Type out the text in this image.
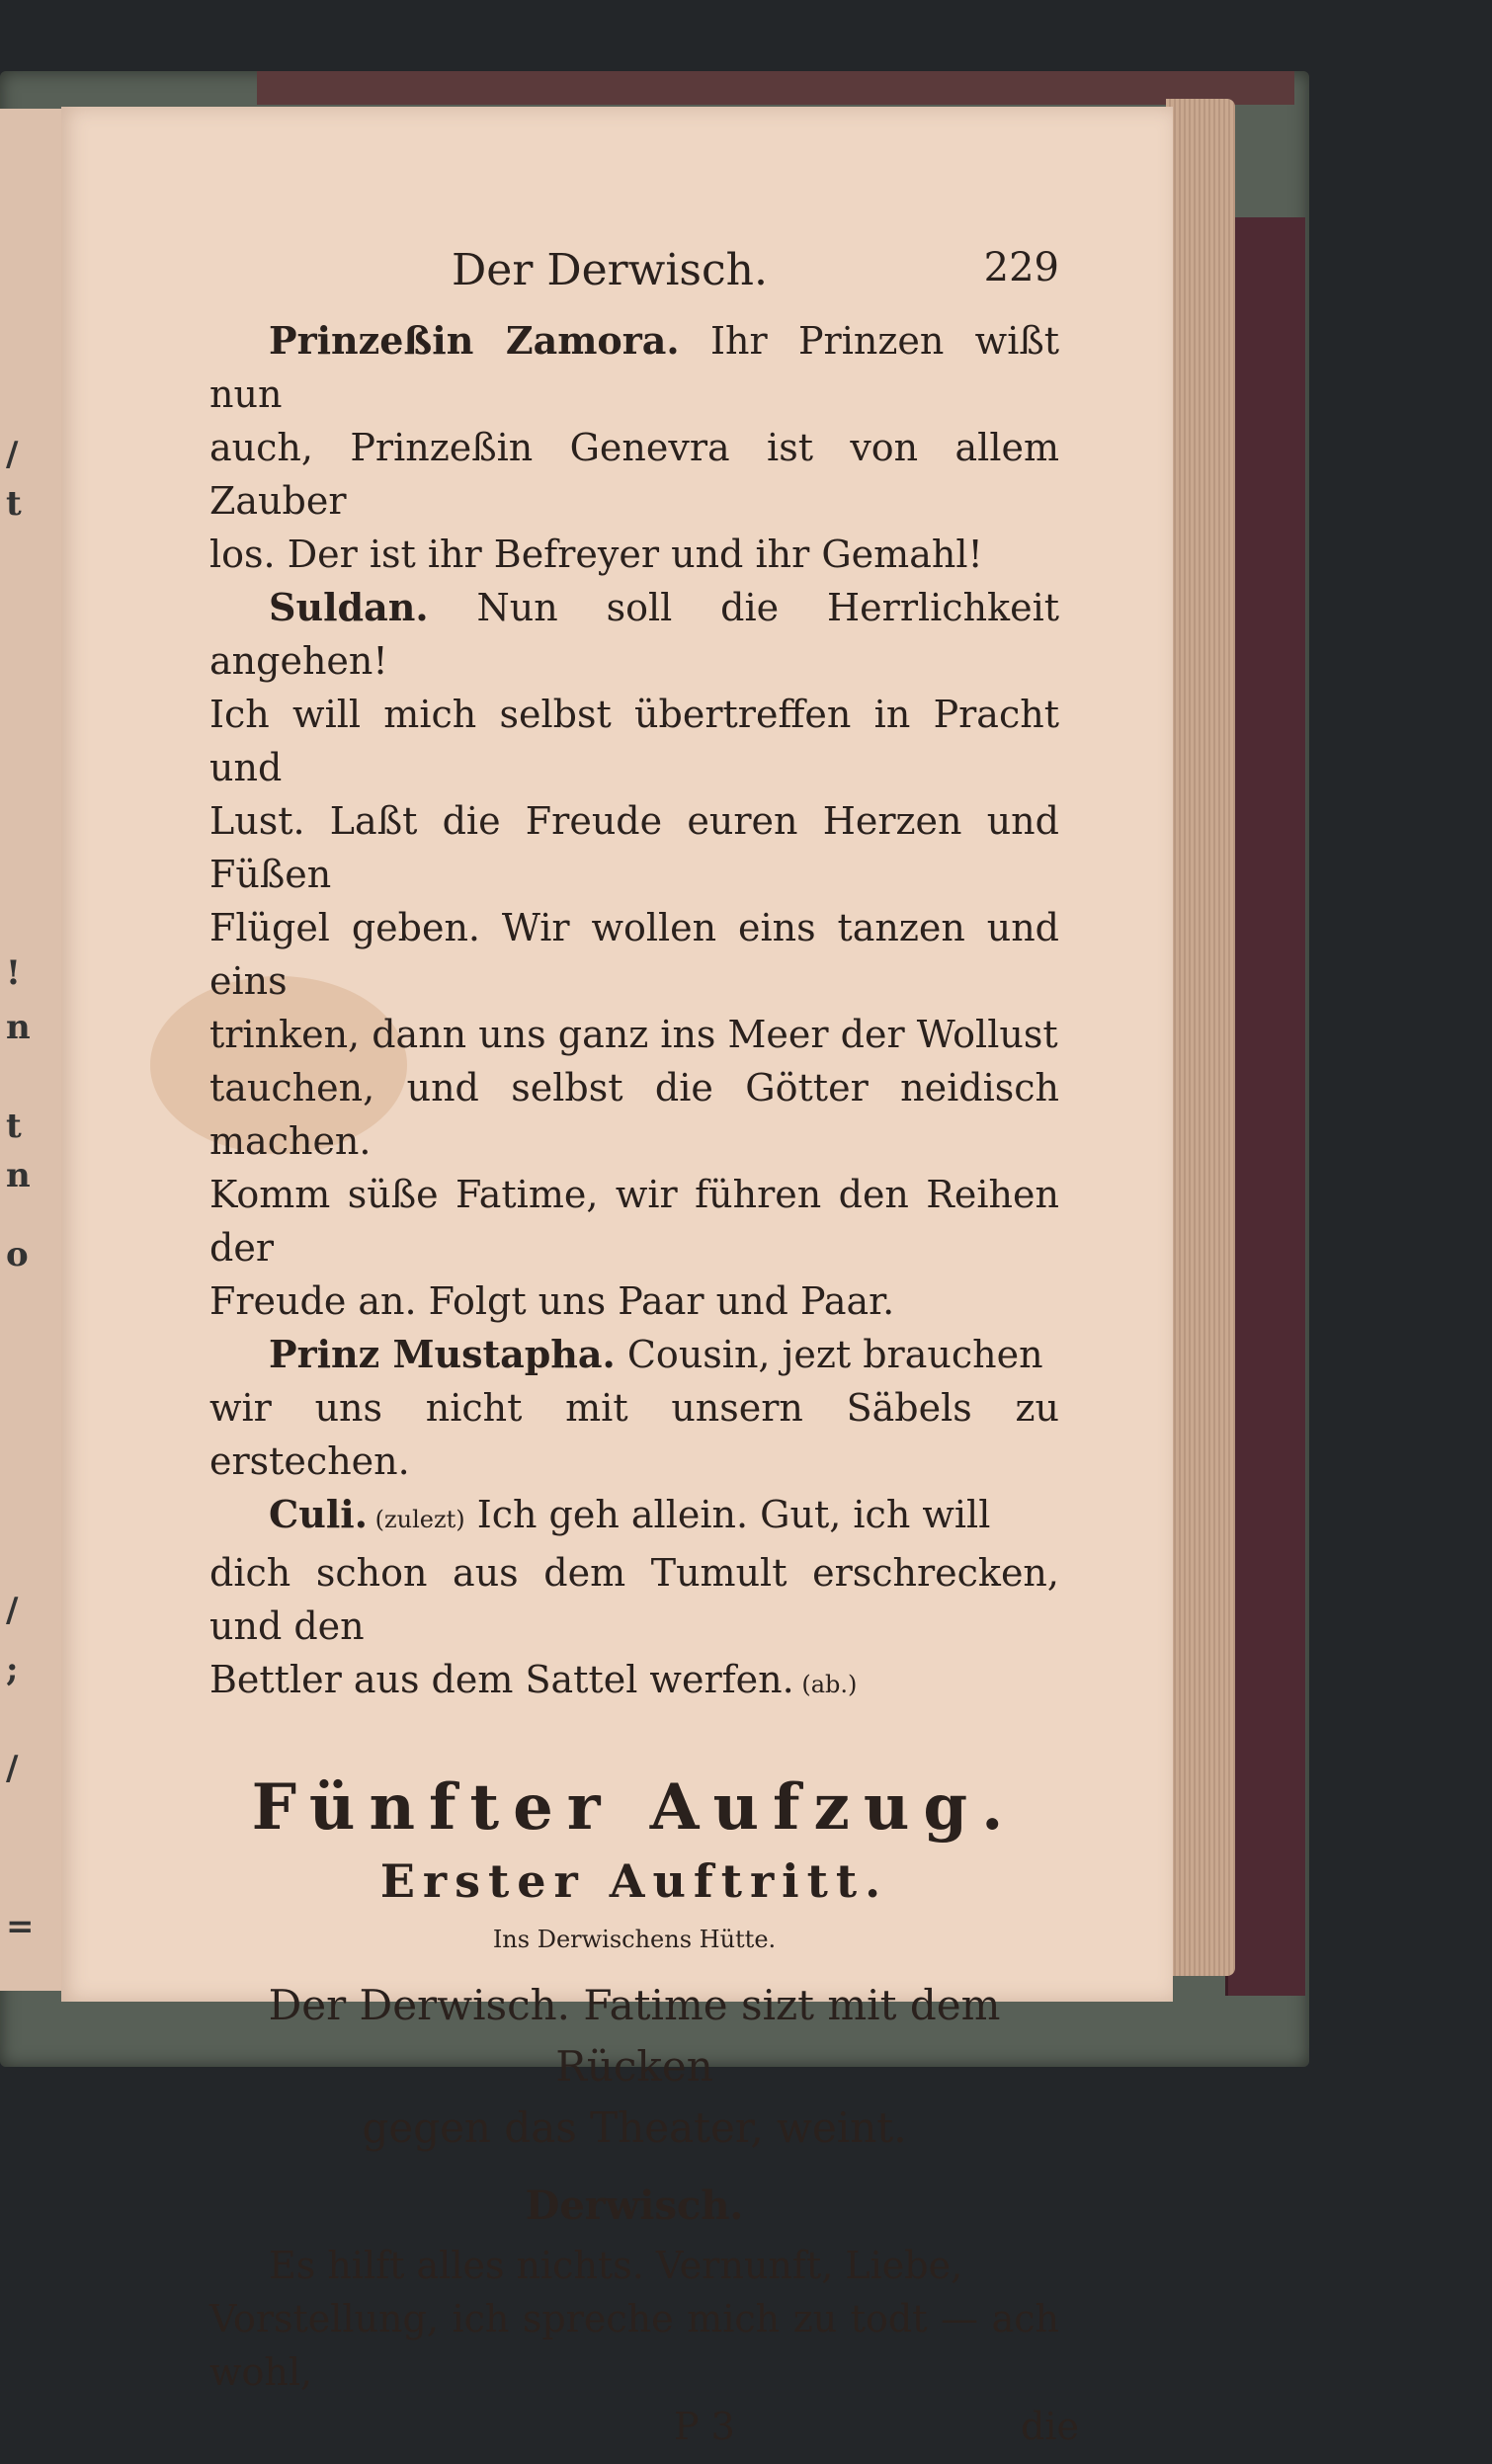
/
t
!
n
t
n
o
/
;
/
=
Der Derwisch.	229

Prinzeßin Zamora. Ihr Prinzen wißt nun

auch, Prinzeßin Genevra ist von allem Zauber

los. Der ist ihr Befreyer und ihr Gemahl!

Suldan. Nun soll die Herrlichkeit angehen!

Ich will mich selbst übertreffen in Pracht und

Lust. Laßt die Freude euren Herzen und Füßen

Flügel geben. Wir wollen eins tanzen und eins

trinken, dann uns ganz ins Meer der Wollust

tauchen, und selbst die Götter neidisch machen.

Komm süße Fatime, wir führen den Reihen der

Freude an. Folgt uns Paar und Paar.

Prinz Mustapha. Cousin, jezt brauchen

wir uns nicht mit unsern Säbels zu erstechen.

Culi. (zulezt) Ich geh allein. Gut, ich will

dich schon aus dem Tumult erschrecken, und den

Bettler aus dem Sattel werfen. (ab.)

Fünfter Aufzug.
Erster Auftritt.
Ins Derwischens Hütte.
Der Derwisch. Fatime sizt mit dem Rücken
gegen das Theater, weint.
Derwisch.

Es hilft alles nichts. Vernunft, Liebe,

Vorstellung, ich spreche mich zu todt — ach wohl,

P 3	die
